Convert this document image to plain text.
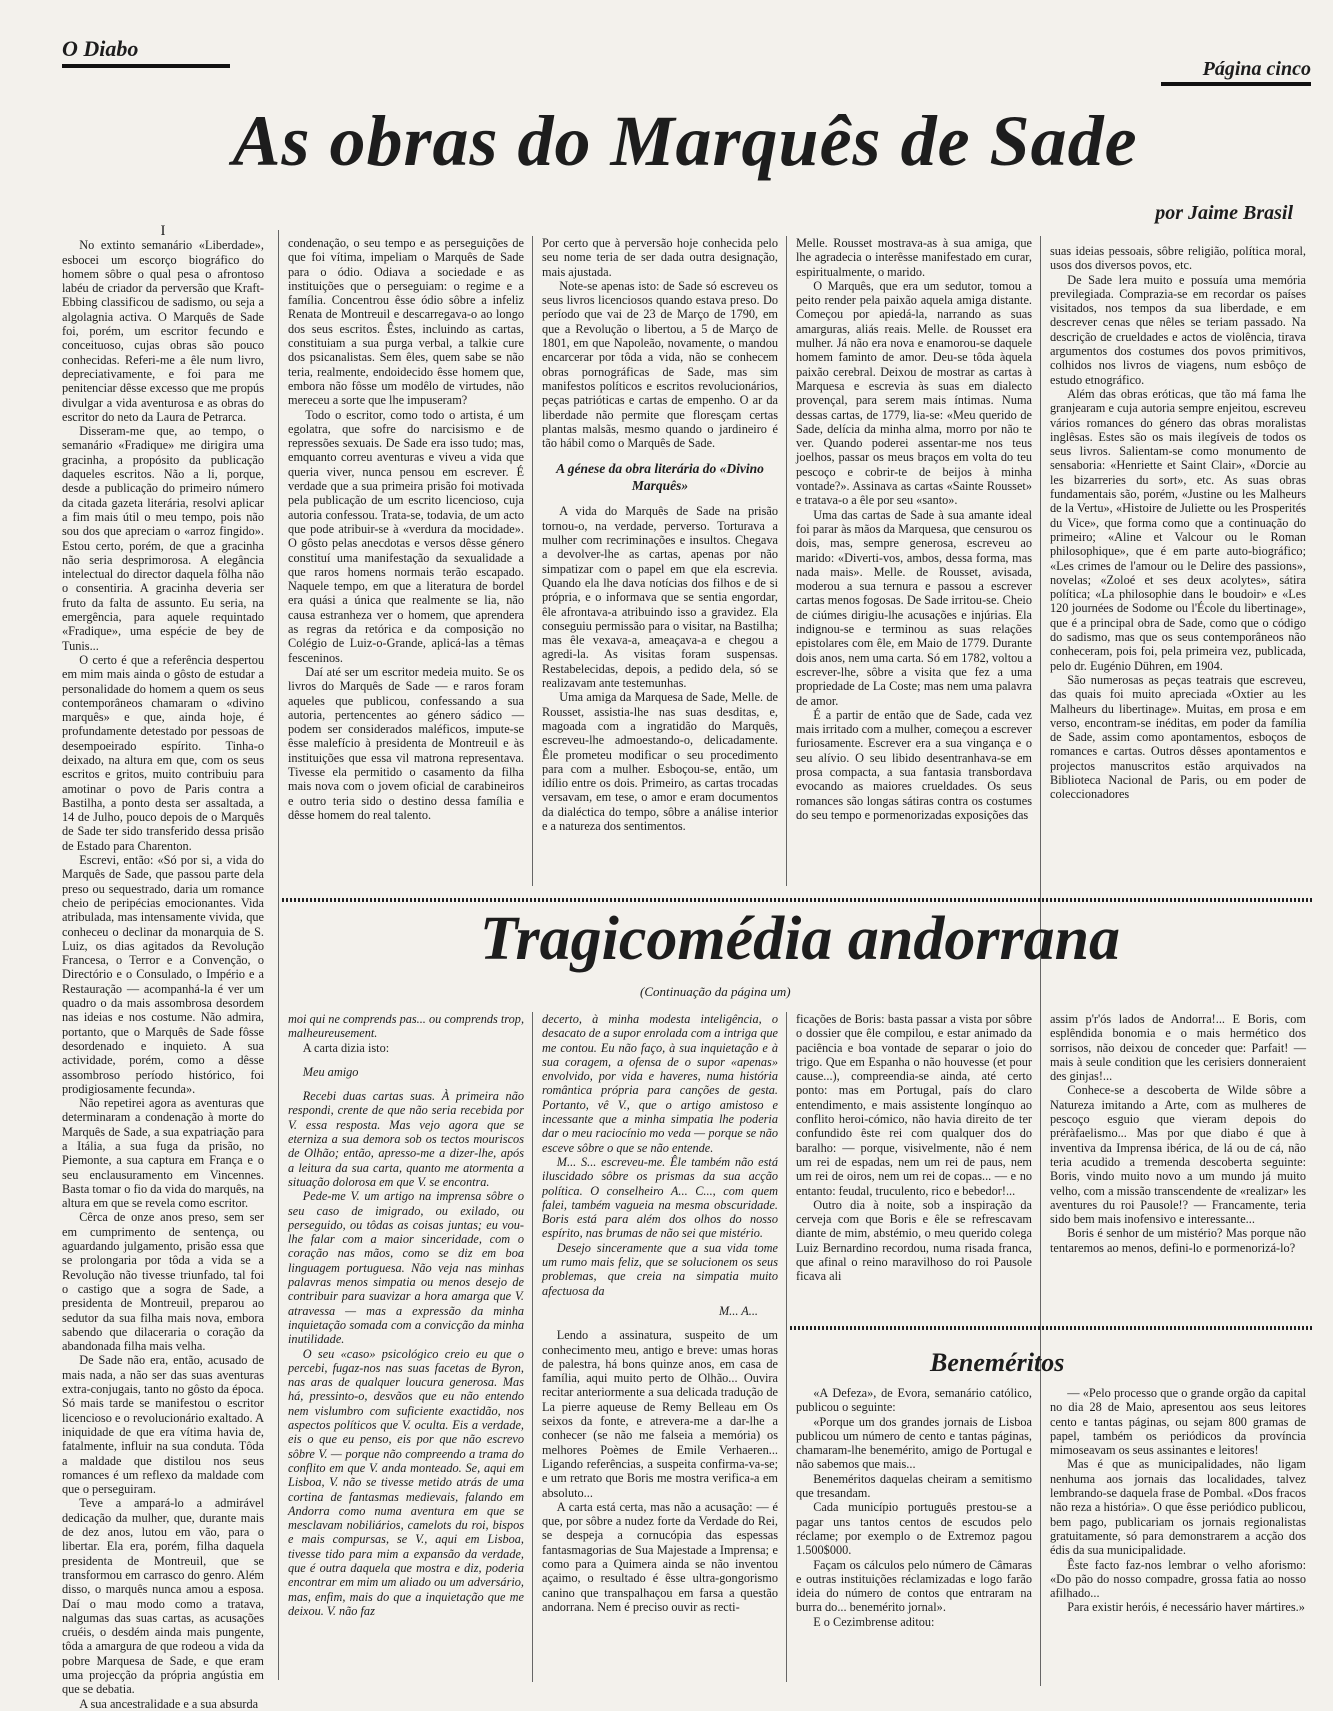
O Diabo
Página cinco
As obras do Marquês de Sade
por Jaime Brasil

I

No extinto semanário «Liberdade», esbocei um escorço biográfico do homem sôbre o qual pesa o afrontoso labéu de criador da perversão que Kraft-Ebbing classificou de sadismo, ou seja a algolagnia activa. O Marquês de Sade foi, porém, um escritor fecundo e conceituoso, cujas obras são pouco conhecidas. Referi-me a êle num livro, depreciativamente, e foi para me penitenciar dêsse excesso que me propús divulgar a vida aventurosa e as obras do escritor do neto da Laura de Petrarca.

Disseram-me que, ao tempo, o semanário «Fradique» me dirigira uma gracinha, a propósito da publicação daqueles escritos. Não a li, porque, desde a publicação do primeiro número da citada gazeta literária, resolvi aplicar a fim mais útil o meu tempo, pois não sou dos que apreciam o «arroz fingido». Estou certo, porém, de que a gracinha não seria desprimorosa. A elegância intelectual do director daquela fôlha não o consentiria. A gracinha deveria ser fruto da falta de assunto. Eu seria, na emergência, para aquele requintado «Fradique», uma espécie de bey de Tunis...

O certo é que a referência despertou em mim mais ainda o gôsto de estudar a personalidade do homem a quem os seus contemporâneos chamaram o «divino marquês» e que, ainda hoje, é profundamente detestado por pessoas de desempoeirado espírito. Tinha-o deixado, na altura em que, com os seus escritos e gritos, muito contribuiu para amotinar o povo de Paris contra a Bastilha, a ponto desta ser assaltada, a 14 de Julho, pouco depois de o Marquês de Sade ter sido transferido dessa prisão de Estado para Charenton.

Escrevi, então: «Só por si, a vida do Marquês de Sade, que passou parte dela preso ou sequestrado, daria um romance cheio de peripécias emocionantes. Vida atribulada, mas intensamente vivida, que conheceu o declinar da monarquia de S. Luiz, os dias agitados da Revolução Francesa, o Terror e a Convenção, o Directório e o Consulado, o Império e a Restauração — acompanhá-la é ver um quadro o da mais assombrosa desordem nas ideias e nos costume. Não admira, portanto, que o Marquês de Sade fôsse desordenado e inquieto. A sua actividade, porém, como a dêsse assombroso período histórico, foi prodigiosamente fecunda».

Não repetirei agora as aventuras que determinaram a condenação à morte do Marquês de Sade, a sua expatriação para a Itália, a sua fuga da prisão, no Piemonte, a sua captura em França e o seu enclausuramento em Vincennes. Basta tomar o fio da vida do marquês, na altura em que se revela como escritor.

Cêrca de onze anos preso, sem ser em cumprimento de sentença, ou aguardando julgamento, prisão essa que se prolongaria por tôda a vida se a Revolução não tivesse triunfado, tal foi o castigo que a sogra de Sade, a presidenta de Montreuil, preparou ao sedutor da sua filha mais nova, embora sabendo que dilaceraria o coração da abandonada filha mais velha.

De Sade não era, então, acusado de mais nada, a não ser das suas aventuras extra-conjugais, tanto no gôsto da época. Só mais tarde se manifestou o escritor licencioso e o revolucionário exaltado. A iniquidade de que era vítima havia de, fatalmente, influir na sua conduta. Tôda a maldade que distilou nos seus romances é um reflexo da maldade com que o perseguiram.

Teve a ampará-lo a admirável dedicação da mulher, que, durante mais de dez anos, lutou em vão, para o libertar. Ela era, porém, filha daquela presidenta de Montreuil, que se transformou em carrasco do genro. Além disso, o marquês nunca amou a esposa. Daí o mau modo como a tratava, nalgumas das suas cartas, as acusações cruéis, o desdém ainda mais pungente, tôda a amargura de que rodeou a vida da pobre Marquesa de Sade, e que eram uma projecção da própria angústia em que se debatia.

A sua ancestralidade e a sua absurda

condenação, o seu tempo e as perseguições de que foi vítima, impeliam o Marquês de Sade para o ódio. Odiava a sociedade e as instituições que o perseguiam: o regime e a família. Concentrou êsse ódio sôbre a infeliz Renata de Montreuil e descarregava-o ao longo dos seus escritos. Êstes, incluindo as cartas, constituiam a sua purga verbal, a talkie cure dos psicanalistas. Sem êles, quem sabe se não teria, realmente, endoidecido êsse homem que, embora não fôsse um modêlo de virtudes, não mereceu a sorte que lhe impuseram?

Todo o escritor, como todo o artista, é um egolatra, que sofre do narcisismo e de repressões sexuais. De Sade era isso tudo; mas, emquanto correu aventuras e viveu a vida que queria viver, nunca pensou em escrever. É verdade que a sua primeira prisão foi motivada pela publicação de um escrito licencioso, cuja autoria confessou. Trata-se, todavia, de um acto que pode atribuir-se à «verdura da mocidade». O gôsto pelas anecdotas e versos dêsse género constituí uma manifestação da sexualidade a que raros homens normais terão escapado. Naquele tempo, em que a literatura de bordel era quási a única que realmente se lia, não causa estranheza ver o homem, que aprendera as regras da retórica e da composição no Colégio de Luiz-o-Grande, aplicá-las a têmas fesceninos.

Daí até ser um escritor medeia muito. Se os livros do Marquês de Sade — e raros foram aqueles que publicou, confessando a sua autoria, pertencentes ao género sádico — podem ser considerados maléficos, impute-se êsse malefício à presidenta de Montreuil e às instituições que essa vil matrona representava. Tivesse ela permitido o casamento da filha mais nova com o jovem oficial de carabineiros e outro teria sido o destino dessa família e dêsse homem do real talento.

Por certo que à perversão hoje conhecida pelo seu nome teria de ser dada outra designação, mais ajustada.

Note-se apenas isto: de Sade só escreveu os seus livros licenciosos quando estava preso. Do período que vai de 23 de Março de 1790, em que a Revolução o libertou, a 5 de Março de 1801, em que Napoleão, novamente, o mandou encarcerar por tôda a vida, não se conhecem obras pornográficas de Sade, mas sim manifestos políticos e escritos revolucionários, peças patrióticas e cartas de empenho. O ar da liberdade não permite que floresçam certas plantas malsãs, mesmo quando o jardineiro é tão hábil como o Marquês de Sade.

A génese da obra literária do «Divino Marquês»

A vida do Marquês de Sade na prisão tornou-o, na verdade, perverso. Torturava a mulher com recriminações e insultos. Chegava a devolver-lhe as cartas, apenas por não simpatizar com o papel em que ela escrevia. Quando ela lhe dava notícias dos filhos e de si própria, e o informava que se sentia engordar, êle afrontava-a atribuindo isso a gravidez. Ela conseguiu permissão para o visitar, na Bastilha; mas êle vexava-a, ameaçava-a e chegou a agredi-la. As visitas foram suspensas. Restabelecidas, depois, a pedido dela, só se realizavam ante testemunhas.

Uma amiga da Marquesa de Sade, Melle. de Rousset, assistia-lhe nas suas desditas, e, magoada com a ingratidão do Marquês, escreveu-lhe admoestando-o, delicadamente. Êle prometeu modificar o seu procedimento para com a mulher. Esboçou-se, então, um idílio entre os dois. Primeiro, as cartas trocadas versavam, em tese, o amor e eram documentos da dialéctica do tempo, sôbre a análise interior e a natureza dos sentimentos.

Melle. Rousset mostrava-as à sua amiga, que lhe agradecia o interêsse manifestado em curar, espiritualmente, o marido.

O Marquês, que era um sedutor, tomou a peito render pela paixão aquela amiga distante. Começou por apiedá-la, narrando as suas amarguras, aliás reais. Melle. de Rousset era mulher. Já não era nova e enamorou-se daquele homem faminto de amor. Deu-se tôda àquela paixão cerebral. Deixou de mostrar as cartas à Marquesa e escrevia às suas em dialecto provençal, para serem mais íntimas. Numa dessas cartas, de 1779, lia-se: «Meu querido de Sade, delícia da minha alma, morro por não te ver. Quando poderei assentar-me nos teus joelhos, passar os meus braços em volta do teu pescoço e cobrir-te de beijos à minha vontade?». Assinava as cartas «Sainte Rousset» e tratava-o a êle por seu «santo».

Uma das cartas de Sade à sua amante ideal foi parar às mãos da Marquesa, que censurou os dois, mas, sempre generosa, escreveu ao marido: «Diverti-vos, ambos, dessa forma, mas nada mais». Melle. de Rousset, avisada, moderou a sua ternura e passou a escrever cartas menos fogosas. De Sade irritou-se. Cheio de ciúmes dirigiu-lhe acusações e injúrias. Ela indignou-se e terminou as suas relações epistolares com êle, em Maio de 1779. Durante dois anos, nem uma carta. Só em 1782, voltou a escrever-lhe, sôbre a visita que fez a uma propriedade de La Coste; mas nem uma palavra de amor.

É a partir de então que de Sade, cada vez mais irritado com a mulher, começou a escrever furiosamente. Escrever era a sua vingança e o seu alívio. O seu libido desentranhava-se em prosa compacta, a sua fantasia transbordava evocando as maiores crueldades. Os seus romances são longas sátiras contra os costumes do seu tempo e pormenorizadas exposições das

suas ideias pessoais, sôbre religião, política moral, usos dos diversos povos, etc.

De Sade lera muito e possuía uma memória previlegiada. Comprazia-se em recordar os países visitados, nos tempos da sua liberdade, e em descrever cenas que nêles se teriam passado. Na descrição de crueldades e actos de violência, tirava argumentos dos costumes dos povos primitivos, colhidos nos livros de viagens, num esbôço de estudo etnográfico.

Além das obras eróticas, que tão má fama lhe granjearam e cuja autoria sempre enjeitou, escreveu vários romances do género das obras moralistas inglêsas. Estes são os mais ilegíveis de todos os seus livros. Salientam-se como monumento de sensaboria: «Henriette et Saint Clair», «Dorcie au les bizarreries du sort», etc. As suas obras fundamentais são, porém, «Justine ou les Malheurs de la Vertu», «Histoire de Juliette ou les Prosperités du Vice», que forma como que a continuação do primeiro; «Aline et Valcour ou le Roman philosophique», que é em parte auto-biográfico; «Les crimes de l'amour ou le Delire des passions», novelas; «Zoloé et ses deux acolytes», sátira política; «La philosophie dans le boudoir» e «Les 120 journées de Sodome ou l'École du libertinage», que é a principal obra de Sade, como que o código do sadismo, mas que os seus contemporâneos não conheceram, pois foi, pela primeira vez, publicada, pelo dr. Eugénio Dühren, em 1904.

São numerosas as peças teatrais que escreveu, das quais foi muito apreciada «Oxtier au les Malheurs du libertinage». Muitas, em prosa e em verso, encontram-se inéditas, em poder da família de Sade, assim como apontamentos, esboços de romances e cartas. Outros dêsses apontamentos e projectos manuscritos estão arquivados na Biblioteca Nacional de Paris, ou em poder de coleccionadores

Tragicomédia andorrana
(Continuação da página um)

moi qui ne comprends pas... ou comprends trop, malheureusement.

A carta dizia isto:

Meu amigo

Recebi duas cartas suas. À primeira não respondi, crente de que não seria recebida por V. essa resposta. Mas vejo agora que se eterniza a sua demora sob os tectos mouriscos de Olhão; então, apresso-me a dizer-lhe, após a leitura da sua carta, quanto me atormenta a situação dolorosa em que V. se encontra.

Pede-me V. um artigo na imprensa sôbre o seu caso de imigrado, ou exilado, ou perseguido, ou tôdas as coisas juntas; eu vou-lhe falar com a maior sinceridade, com o coração nas mãos, como se diz em boa linguagem portuguesa. Não veja nas minhas palavras menos simpatia ou menos desejo de contribuir para suavizar a hora amarga que V. atravessa — mas a expressão da minha inquietação somada com a convicção da minha inutilidade.

O seu «caso» psicológico creio eu que o percebi, fugaz-nos nas suas facetas de Byron, nas aras de qualquer loucura generosa. Mas há, pressinto-o, desvãos que eu não entendo nem vislumbro com suficiente exactidão, nos aspectos políticos que V. oculta. Eis a verdade, eis o que eu penso, eis por que não escrevo sôbre V. — porque não compreendo a trama do conflito em que V. anda monteado. Se, aqui em Lisboa, V. não se tivesse metido atrás de uma cortina de fantasmas medievais, falando em Andorra como numa aventura em que se mesclavam nobiliários, camelots du roi, bispos e mais compursas, se V., aqui em Lisboa, tivesse tido para mim a expansão da verdade, que é outra daquela que mostra e diz, poderia encontrar em mim um aliado ou um adversário, mas, enfim, mais do que a inquietação que me deixou. V. não faz

decerto, à minha modesta inteligência, o desacato de a supor enrolada com a intriga que me contou. Eu não faço, à sua inquietação e à sua coragem, a ofensa de o supor «apenas» envolvido, por vida e haveres, numa história romântica própria para canções de gesta. Portanto, vê V., que o artigo amistoso e incessante que a minha simpatia lhe poderia dar o meu raciocínio mo veda — porque se não esceve sôbre o que se não entende.

M... S... escreveu-me. Êle também não está iluscidado sôbre os prismas da sua acção política. O conselheiro A... C..., com quem falei, também vagueia na mesma obscuridade. Boris está para além dos olhos do nosso espírito, nas brumas de não sei que mistério.

Desejo sinceramente que a sua vida tome um rumo mais feliz, que se solucionem os seus problemas, que creia na simpatia muito afectuosa da

M... A...

Lendo a assinatura, suspeito de um conhecimento meu, antigo e breve: umas horas de palestra, há bons quinze anos, em casa de família, aqui muito perto de Olhão... Ouvira recitar anteriormente a sua delicada tradução de La pierre aqueuse de Remy Belleau em Os seixos da fonte, e atrevera-me a dar-lhe a conhecer (se não me falseia a memória) os melhores Poèmes de Emile Verhaeren... Ligando referências, a suspeita confirma-va-se; e um retrato que Boris me mostra verifica-a em absoluto...

A carta está certa, mas não a acusação: — é que, por sôbre a nudez forte da Verdade do Rei, se despeja a cornucópia das espessas fantasmagorias de Sua Majestade a Imprensa; e como para a Quimera ainda se não inventou açaimo, o resultado é êsse ultra-gongorismo canino que transpalhaçou em farsa a questão andorrana. Nem é preciso ouvir as recti-

ficações de Boris: basta passar a vista por sôbre o dossier que êle compilou, e estar animado da paciência e boa vontade de separar o joio do trigo. Que em Espanha o não houvesse (et pour cause...), compreendia-se ainda, até certo ponto: mas em Portugal, país do claro entendimento, e mais assistente longínquo ao conflito heroi-cómico, não havia direito de ter confundido êste rei com qualquer dos do baralho: — porque, visivelmente, não é nem um rei de espadas, nem um rei de paus, nem um rei de oiros, nem um rei de copas... — e no entanto: feudal, truculento, rico e bebedor!...

Outro dia à noite, sob a inspiração da cerveja com que Boris e êle se refrescavam diante de mim, abstémio, o meu querido colega Luiz Bernardino recordou, numa risada franca, que afinal o reino maravilhoso do roi Pausole ficava ali

assim p'r'ós lados de Andorra!... E Boris, com esplêndida bonomia e o mais hermético dos sorrisos, não deixou de conceder que: Parfait! — mais à seule condition que les cerisiers donneraient des ginjas!...

Conhece-se a descoberta de Wilde sôbre a Natureza imitando a Arte, com as mulheres de pescoço esguio que vieram depois do préràfaelismo... Mas por que diabo é que à inventiva da Imprensa ibérica, de lá ou de cá, não teria acudido a tremenda descoberta seguinte: Boris, vindo muito novo a um mundo já muito velho, com a missão transcendente de «realizar» les aventures du roi Pausole!? — Francamente, teria sido bem mais inofensivo e interessante...

Boris é senhor de um mistério? Mas porque não tentaremos ao menos, defini-lo e pormenorizá-lo?

Beneméritos

«A Defeza», de Evora, semanário católico, publicou o seguinte:

«Porque um dos grandes jornais de Lisboa publicou um número de cento e tantas páginas, chamaram-lhe benemérito, amigo de Portugal e não sabemos que mais...

Beneméritos daquelas cheiram a semitismo que tresandam.

Cada município português prestou-se a pagar uns tantos centos de escudos pelo réclame; por exemplo o de Extremoz pagou 1.500$000.

Façam os cálculos pelo número de Câmaras e outras instituições réclamizadas e logo farão ideia do número de contos que entraram na burra do... benemérito jornal».

E o Cezimbrense aditou:

— «Pelo processo que o grande orgão da capital no dia 28 de Maio, apresentou aos seus leitores cento e tantas páginas, ou sejam 800 gramas de papel, também os periódicos da província mimoseavam os seus assinantes e leitores!

Mas é que as municipalidades, não ligam nenhuma aos jornais das localidades, talvez lembrando-se daquela frase de Pombal. «Dos fracos não reza a história». O que êsse periódico publicou, bem pago, publicariam os jornais regionalistas gratuitamente, só para demonstrarem a acção dos édis da sua municipalidade.

Êste facto faz-nos lembrar o velho aforismo: «Do pão do nosso compadre, grossa fatia ao nosso afilhado...

Para existir heróis, é necessário haver mártires.»
